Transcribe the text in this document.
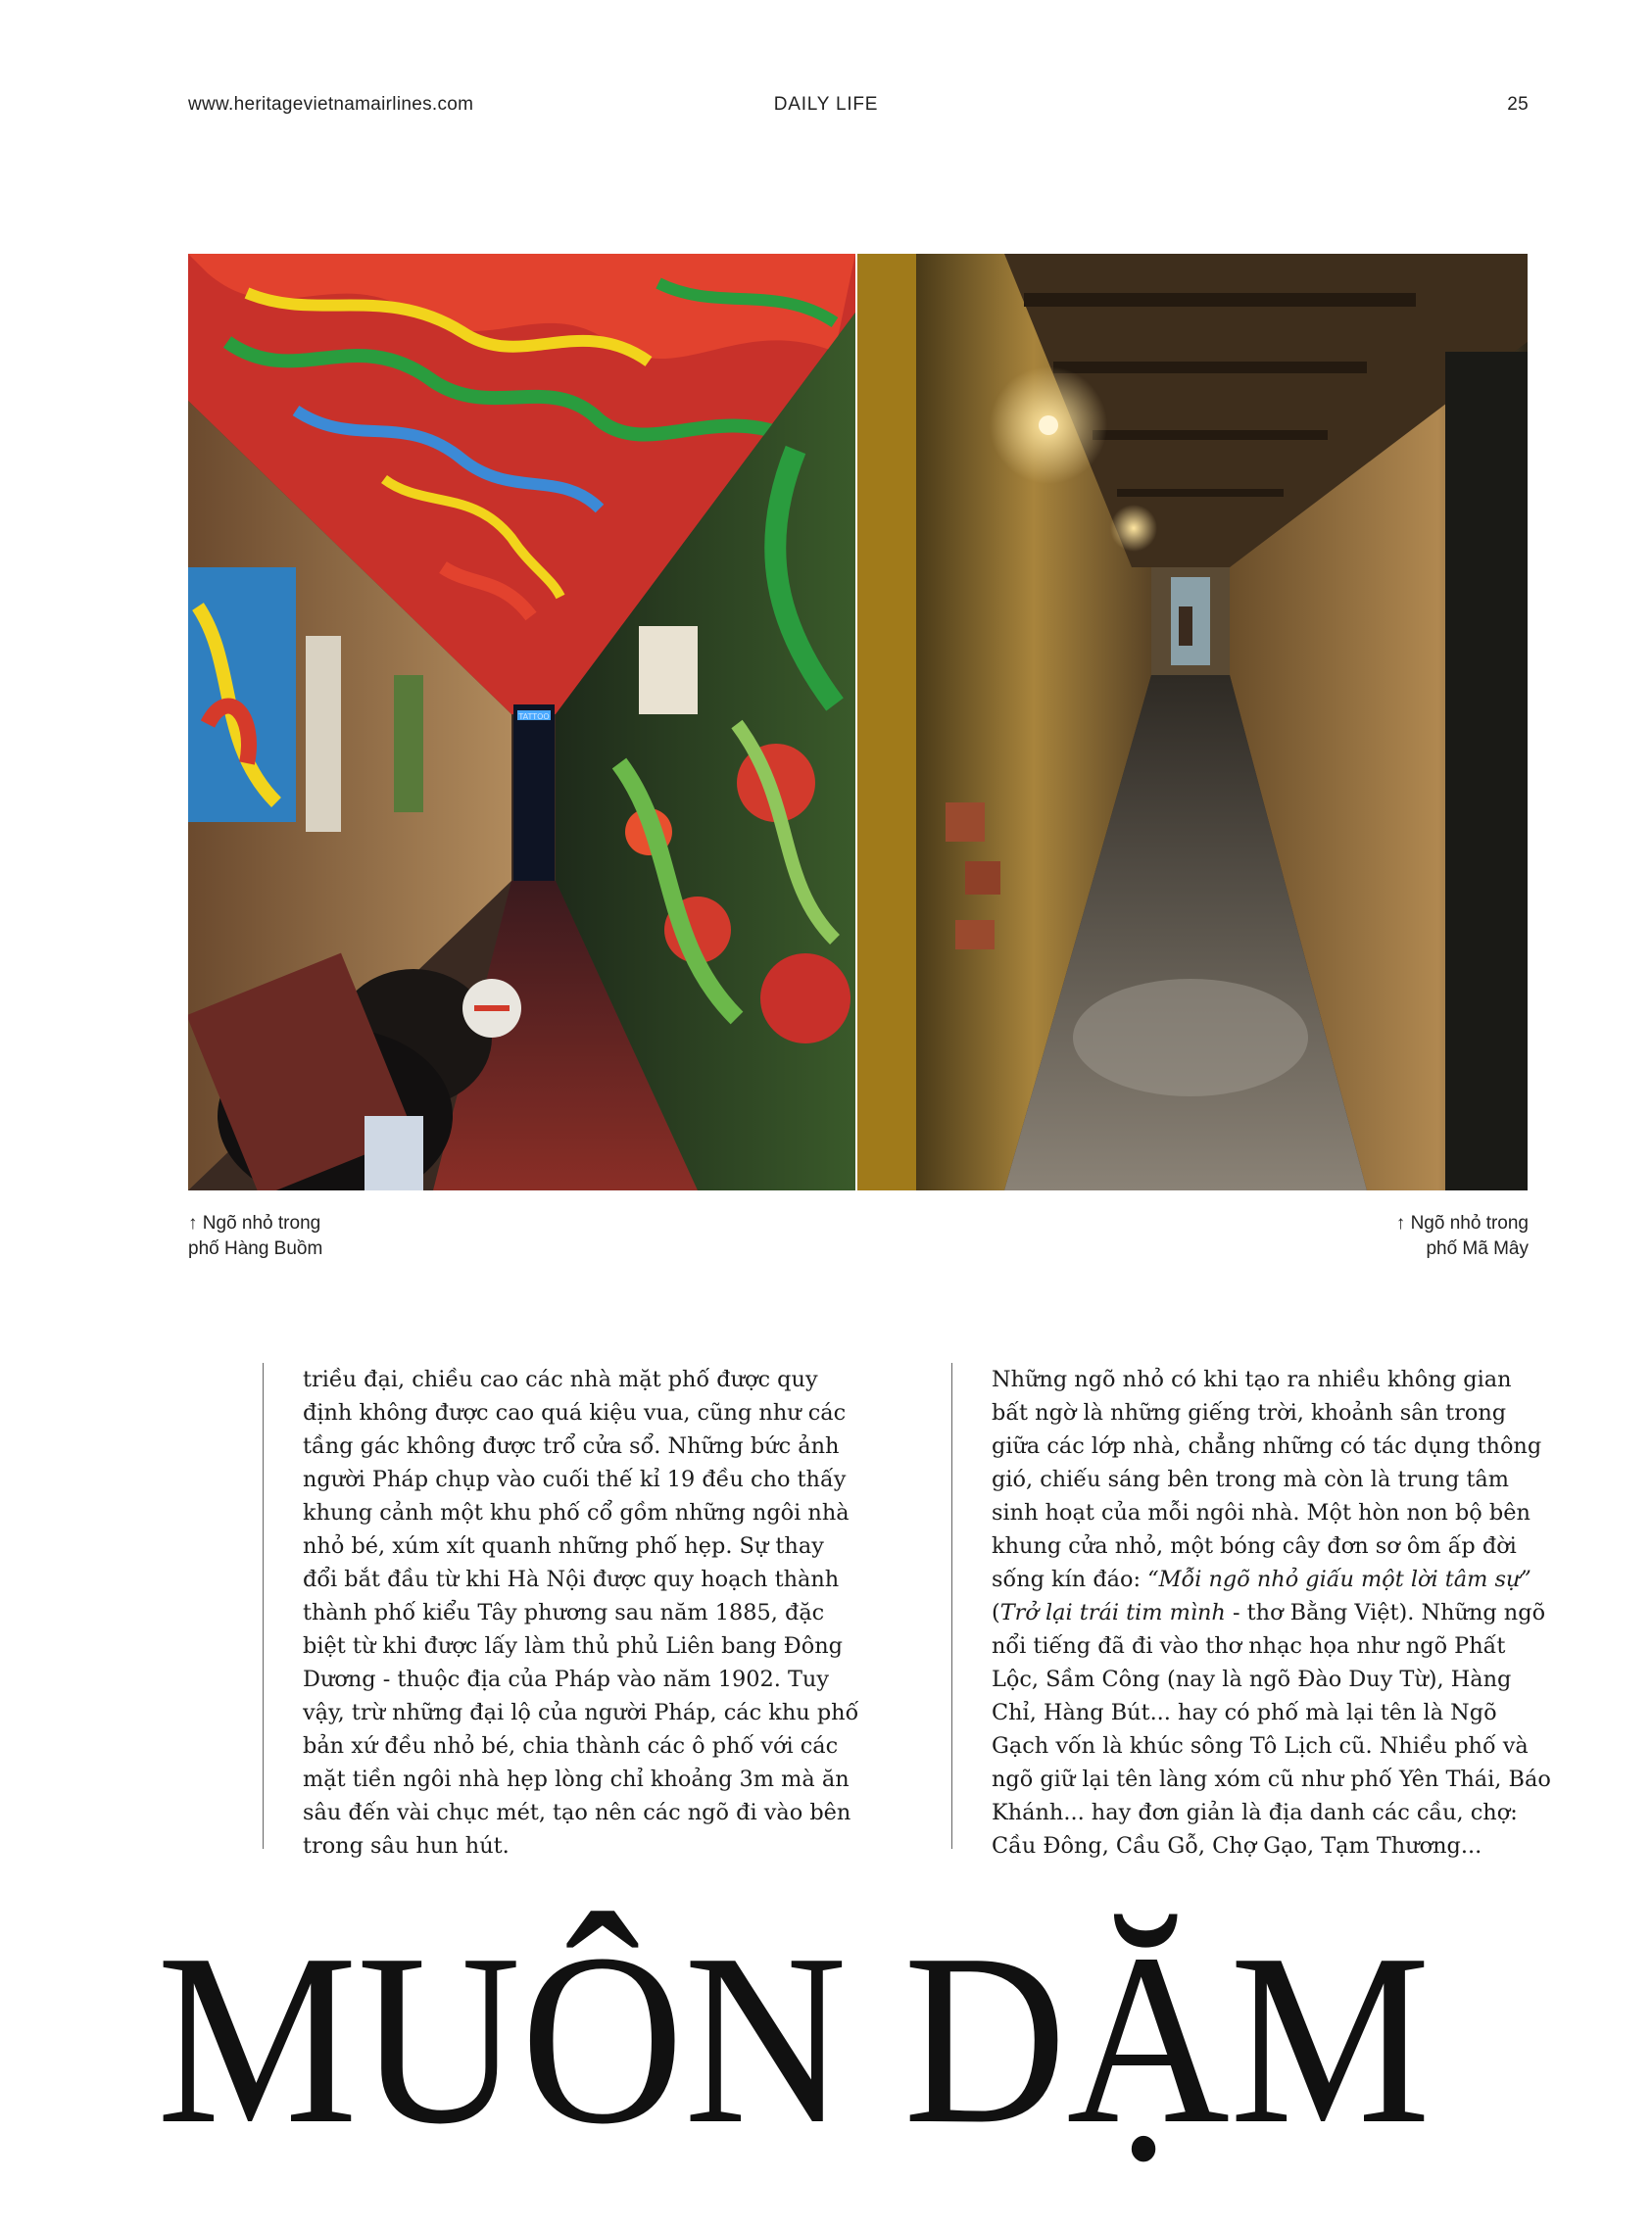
www.heritagevietnamairlines.com	DAILY LIFE	25
TATTOO
↑ Ngõ nhỏ trong
phố Hàng Buồm
↑ Ngõ nhỏ trong
phố Mã Mây

triều đại, chiều cao các nhà mặt phố được quy
định không được cao quá kiệu vua, cũng như các
tầng gác không được trổ cửa sổ. Những bức ảnh
người Pháp chụp vào cuối thế kỉ 19 đều cho thấy
khung cảnh một khu phố cổ gồm những ngôi nhà
nhỏ bé, xúm xít quanh những phố hẹp. Sự thay
đổi bắt đầu từ khi Hà Nội được quy hoạch thành
thành phố kiểu Tây phương sau năm 1885, đặc
biệt từ khi được lấy làm thủ phủ Liên bang Đông
Dương - thuộc địa của Pháp vào năm 1902. Tuy
vậy, trừ những đại lộ của người Pháp, các khu phố
bản xứ đều nhỏ bé, chia thành các ô phố với các
mặt tiền ngôi nhà hẹp lòng chỉ khoảng 3m mà ăn
sâu đến vài chục mét, tạo nên các ngõ đi vào bên
trong sâu hun hút.

Những ngõ nhỏ có khi tạo ra nhiều không gian
bất ngờ là những giếng trời, khoảnh sân trong
giữa các lớp nhà, chẳng những có tác dụng thông
gió, chiếu sáng bên trong mà còn là trung tâm
sinh hoạt của mỗi ngôi nhà. Một hòn non bộ bên
khung cửa nhỏ, một bóng cây đơn sơ ôm ấp đời
sống kín đáo: “Mỗi ngõ nhỏ giấu một lời tâm sự”
(Trở lại trái tim mình - thơ Bằng Việt). Những ngõ
nổi tiếng đã đi vào thơ nhạc họa như ngõ Phất
Lộc, Sầm Công (nay là ngõ Đào Duy Từ), Hàng
Chỉ, Hàng Bút... hay có phố mà lại tên là Ngõ
Gạch vốn là khúc sông Tô Lịch cũ. Nhiều phố và
ngõ giữ lại tên làng xóm cũ như phố Yên Thái, Báo
Khánh... hay đơn giản là địa danh các cầu, chợ:
Cầu Đông, Cầu Gỗ, Chợ Gạo, Tạm Thương...

MUÔN DẶM
